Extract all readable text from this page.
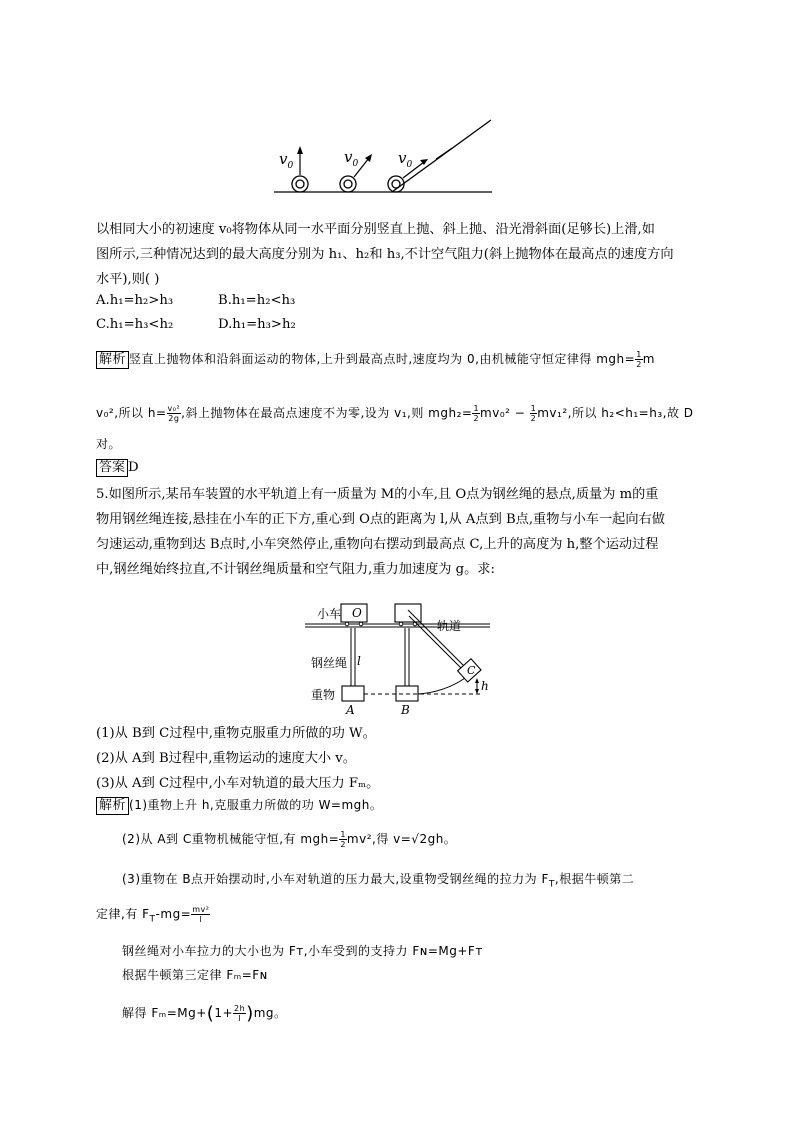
$v_0$	$v_0$	$v_0$
以相同大小的初速度 v₀将物体从同一水平面分别竖直上抛、斜上抛、沿光滑斜面(足够长)上滑,如
图所示,三种情况达到的最大高度分别为 h₁、h₂和 h₃,不计空气阻力(斜上抛物体在最高点的速度方向
水平),则( )
A.h₁=h₂>h₃	B.h₁=h₂<h₃
C.h₁=h₃<h₂	D.h₁=h₃>h₂
解析 竖直上抛物体和沿斜面运动的物体,上升到最高点时,速度均为 0,由机械能守恒定律得 $mgh= \frac{1}{2}$ m
v₀²,所以 $h= \frac{\text{v₀²}}{2g}$ ,斜上抛物体在最高点速度不为零,设为 v₁,则 $mgh_2= \frac{1}{2} mv_0^2 - \frac{1}{2} mv_1^2$,所以 h₂<h₁=h₃,故 D
对。
答案 D
5.如图所示,某吊车装置的水平轨道上有一质量为 M的小车,且 O点为钢丝绳的悬点,质量为 m的重
物用钢丝绳连接,悬挂在小车的正下方,重心到 O点的距离为 l,从 A点到 B点,重物与小车一起向右做
匀速运动,重物到达 B点时,小车突然停止,重物向右摆动到最高点 C,上升的高度为 h,整个运动过程
中,钢丝绳始终拉直,不计钢丝绳质量和空气阻力,重力加速度为 g。求:
小车 O
轨道
钢丝绳 l
重物
A	B
C
h
(1)从 B到 C过程中,重物克服重力所做的功 W。
(2)从 A到 B过程中,重物运动的速度大小 v。
(3)从 A到 C过程中,小车对轨道的最大压力 Fₘ。
解析 (1)重物上升 h,克服重力所做的功 W=mgh。
(2)从 A到 C重物机械能守恒,有 $mgh= \frac{1}{2} mv^2$,得 v=√2gh。
(3)重物在 B点开始摆动时,小车对轨道的压力最大,设重物受钢丝绳的拉力为 $F_T$,根据牛顿第二
定律,有 $F_T-mg= \frac{\text{mv²}}{l}$
钢丝绳对小车拉力的大小也为 Fᴛ,小车受到的支持力 Fɴ=Mg+Fᴛ
根据牛顿第三定律 Fₘ=Fɴ
解得 $F_m=Mg+(1+ \frac{2h}{l} )mg$。
